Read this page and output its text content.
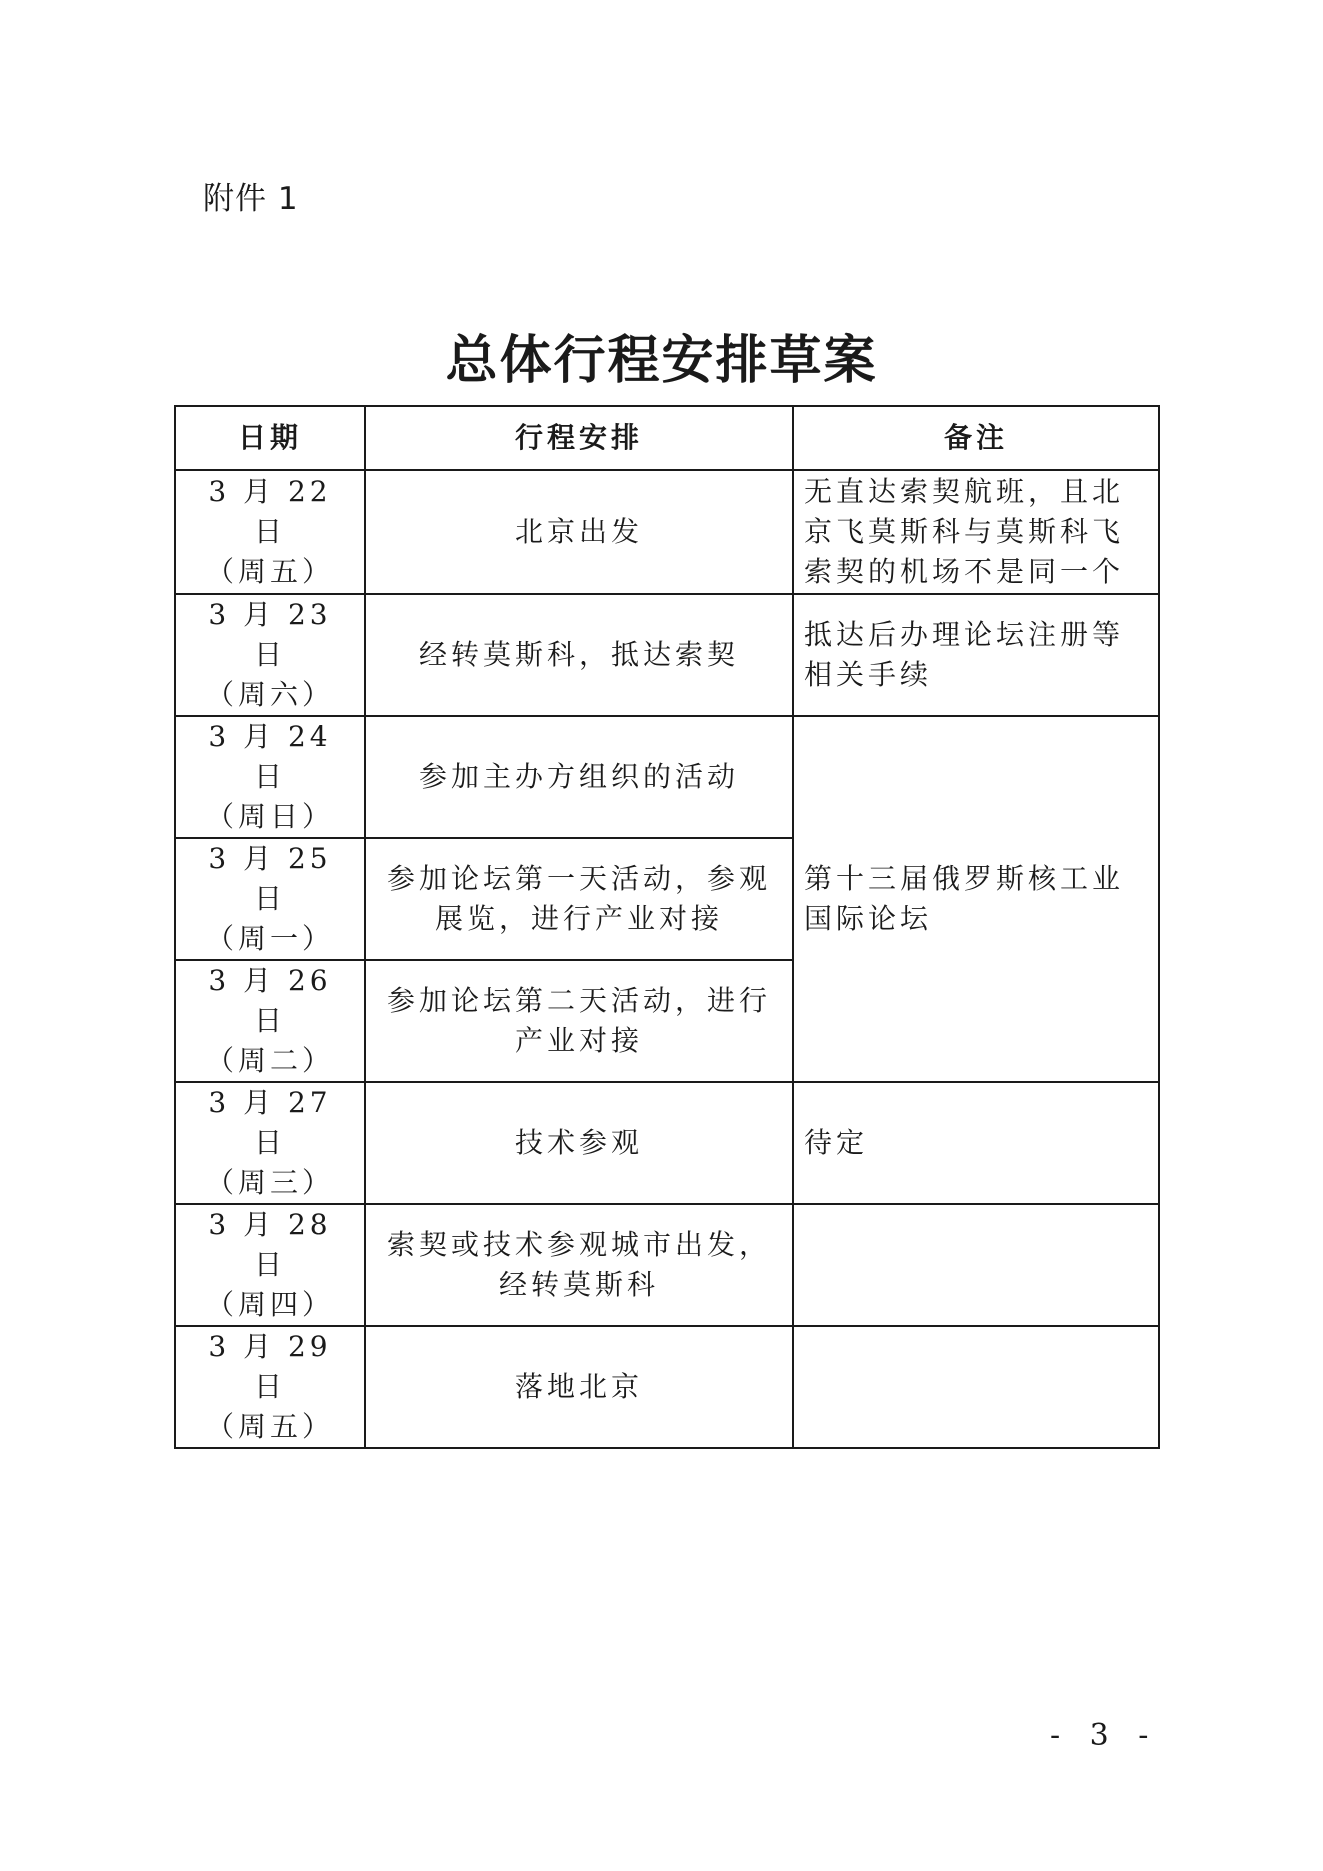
附件 1
总体行程安排草案
日期	行程安排	备注

3 月 22 日
（周五）	北京出发	无直达索契航班，且北京飞莫斯科与莫斯科飞索契的机场不是同一个

3 月 23 日
（周六）	经转莫斯科，抵达索契	抵达后办理论坛注册等相关手续

3 月 24 日
（周日）	参加主办方组织的活动	第十三届俄罗斯核工业国际论坛

3 月 25 日
（周一）	参加论坛第一天活动，参观展览，进行产业对接	

3 月 26 日
（周二）	参加论坛第二天活动，进行产业对接	

3 月 27 日
（周三）	技术参观	待定

3 月 28 日
（周四）	索契或技术参观城市出发，经转莫斯科	

3 月 29 日
（周五）	落地北京	
- 3 -
